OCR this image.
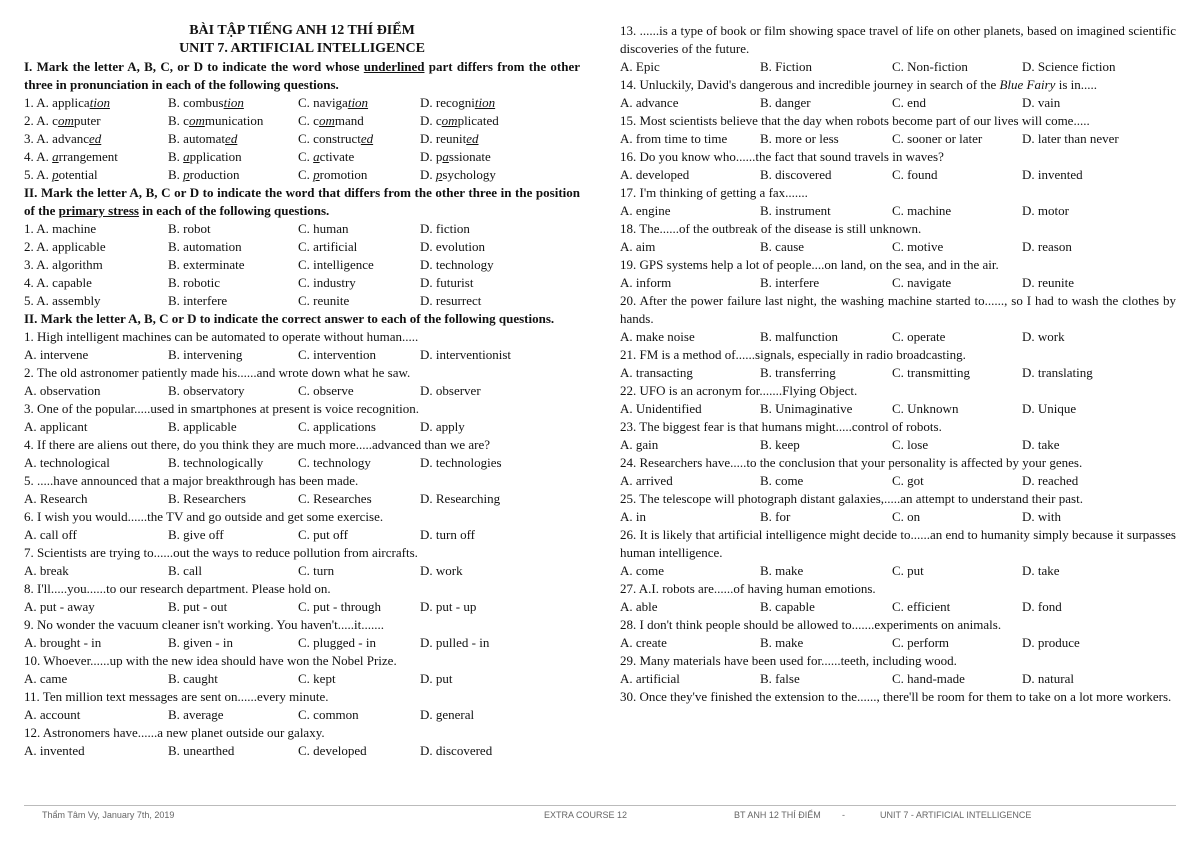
BÀI TẬP TIẾNG ANH 12 THÍ ĐIỂM
UNIT 7. ARTIFICIAL INTELLIGENCE
I. Mark the letter A, B, C, or D to indicate the word whose underlined part differs from the other three in pronunciation in each of the following questions.
1. A. application	B. combustion	C. navigation	D. recognition
2. A. computer	B. communication	C. command	D. complicated
3. A. advanced	B. automated	C. constructed	D. reunited
4. A. arrangement	B. application	C. activate	D. passionate
5. A. potential	B. production	C. promotion	D. psychology
II. Mark the letter A, B, C or D to indicate the word that differs from the other three in the position of the primary stress in each of the following questions.
1. A. machine	B. robot	C. human	D. fiction
2. A. applicable	B. automation	C. artificial	D. evolution
3. A. algorithm	B. exterminate	C. intelligence	D. technology
4. A. capable	B. robotic	C. industry	D. futurist
5. A. assembly	B. interfere	C. reunite	D. resurrect
II. Mark the letter A, B, C or D to indicate the correct answer to each of the following questions.
1. High intelligent machines can be automated to operate without human.....
A. intervene	B. intervening	C. intervention	D. interventionist
2. The old astronomer patiently made his......and wrote down what he saw.
A. observation	B. observatory	C. observe	D. observer
3. One of the popular.....used in smartphones at present is voice recognition.
A. applicant	B. applicable	C. applications	D. apply
4. If there are aliens out there, do you think they are much more.....advanced than we are?
A. technological	B. technologically	C. technology	D. technologies
5. .....have announced that a major breakthrough has been made.
A. Research	B. Researchers	C. Researches	D. Researching
6. I wish you would......the TV and go outside and get some exercise.
A. call off	B. give off	C. put off	D. turn off
7. Scientists are trying to......out the ways to reduce pollution from aircrafts.
A. break	B. call	C. turn	D. work
8. I'll.....you......to our research department. Please hold on.
A. put - away	B. put - out	C. put - through	D. put - up
9. No wonder the vacuum cleaner isn't working. You haven't.....it.......
A. brought - in	B. given - in	C. plugged - in	D. pulled - in
10. Whoever......up with the new idea should have won the Nobel Prize.
A. came	B. caught	C. kept	D. put
11. Ten million text messages are sent on......every minute.
A. account	B. average	C. common	D. general
12. Astronomers have......a new planet outside our galaxy.
A. invented	B. unearthed	C. developed	D. discovered
13. ......is a type of book or film showing space travel of life on other planets, based on imagined scientific discoveries of the future.
A. Epic	B. Fiction	C. Non-fiction	D. Science fiction
14. Unluckily, David's dangerous and incredible journey in search of the Blue Fairy is in.....
A. advance	B. danger	C. end	D. vain
15. Most scientists believe that the day when robots become part of our lives will come.....
A. from time to time	B. more or less	C. sooner or later	D. later than never
16. Do you know who......the fact that sound travels in waves?
A. developed	B. discovered	C. found	D. invented
17. I'm thinking of getting a fax.......
A. engine	B. instrument	C. machine	D. motor
18. The......of the outbreak of the disease is still unknown.
A. aim	B. cause	C. motive	D. reason
19. GPS systems help a lot of people....on land, on the sea, and in the air.
A. inform	B. interfere	C. navigate	D. reunite
20. After the power failure last night, the washing machine started to......, so I had to wash the clothes by hands.
A. make noise	B. malfunction	C. operate	D. work
21. FM is a method of......signals, especially in radio broadcasting.
A. transacting	B. transferring	C. transmitting	D. translating
22. UFO is an acronym for.......Flying Object.
A. Unidentified	B. Unimaginative	C. Unknown	D. Unique
23. The biggest fear is that humans might.....control of robots.
A. gain	B. keep	C. lose	D. take
24. Researchers have.....to the conclusion that your personality is affected by your genes.
A. arrived	B. come	C. got	D. reached
25. The telescope will photograph distant galaxies,.....an attempt to understand their past.
A. in	B. for	C. on	D. with
26. It is likely that artificial intelligence might decide to......an end to humanity simply because it surpasses human intelligence.
A. come	B. make	C. put	D. take
27. A.I. robots are......of having human emotions.
A. able	B. capable	C. efficient	D. fond
28. I don't think people should be allowed to.......experiments on animals.
A. create	B. make	C. perform	D. produce
29. Many materials have been used for......teeth, including wood.
A. artificial	B. false	C. hand-made	D. natural
30. Once they've finished the extension to the......, there'll be room for them to take on a lot more workers.
Thẩm Tâm Vy, January 7th, 2019	EXTRA COURSE 12	BT ANH 12 THÍ ĐIỂM -	UNIT 7 - ARTIFICIAL INTELLIGENCE
